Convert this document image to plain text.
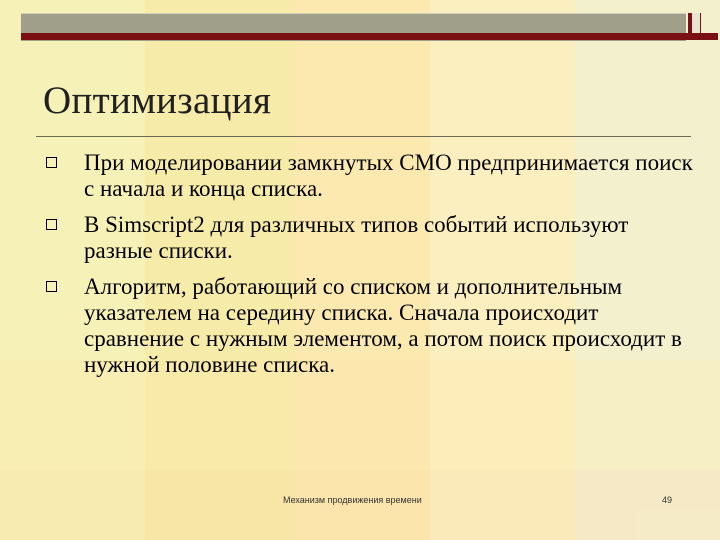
Оптимизация
При моделировании замкнутых СМО предпринимается поиск с начала и конца списка.
В Simscript2 для различных типов событий используют разные списки.
Алгоритм, работающий со списком и дополнительным указателем на середину списка. Сначала происходит сравнение с нужным элементом, а потом поиск происходит в нужной половине списка.
Механизм продвижения времени	49
